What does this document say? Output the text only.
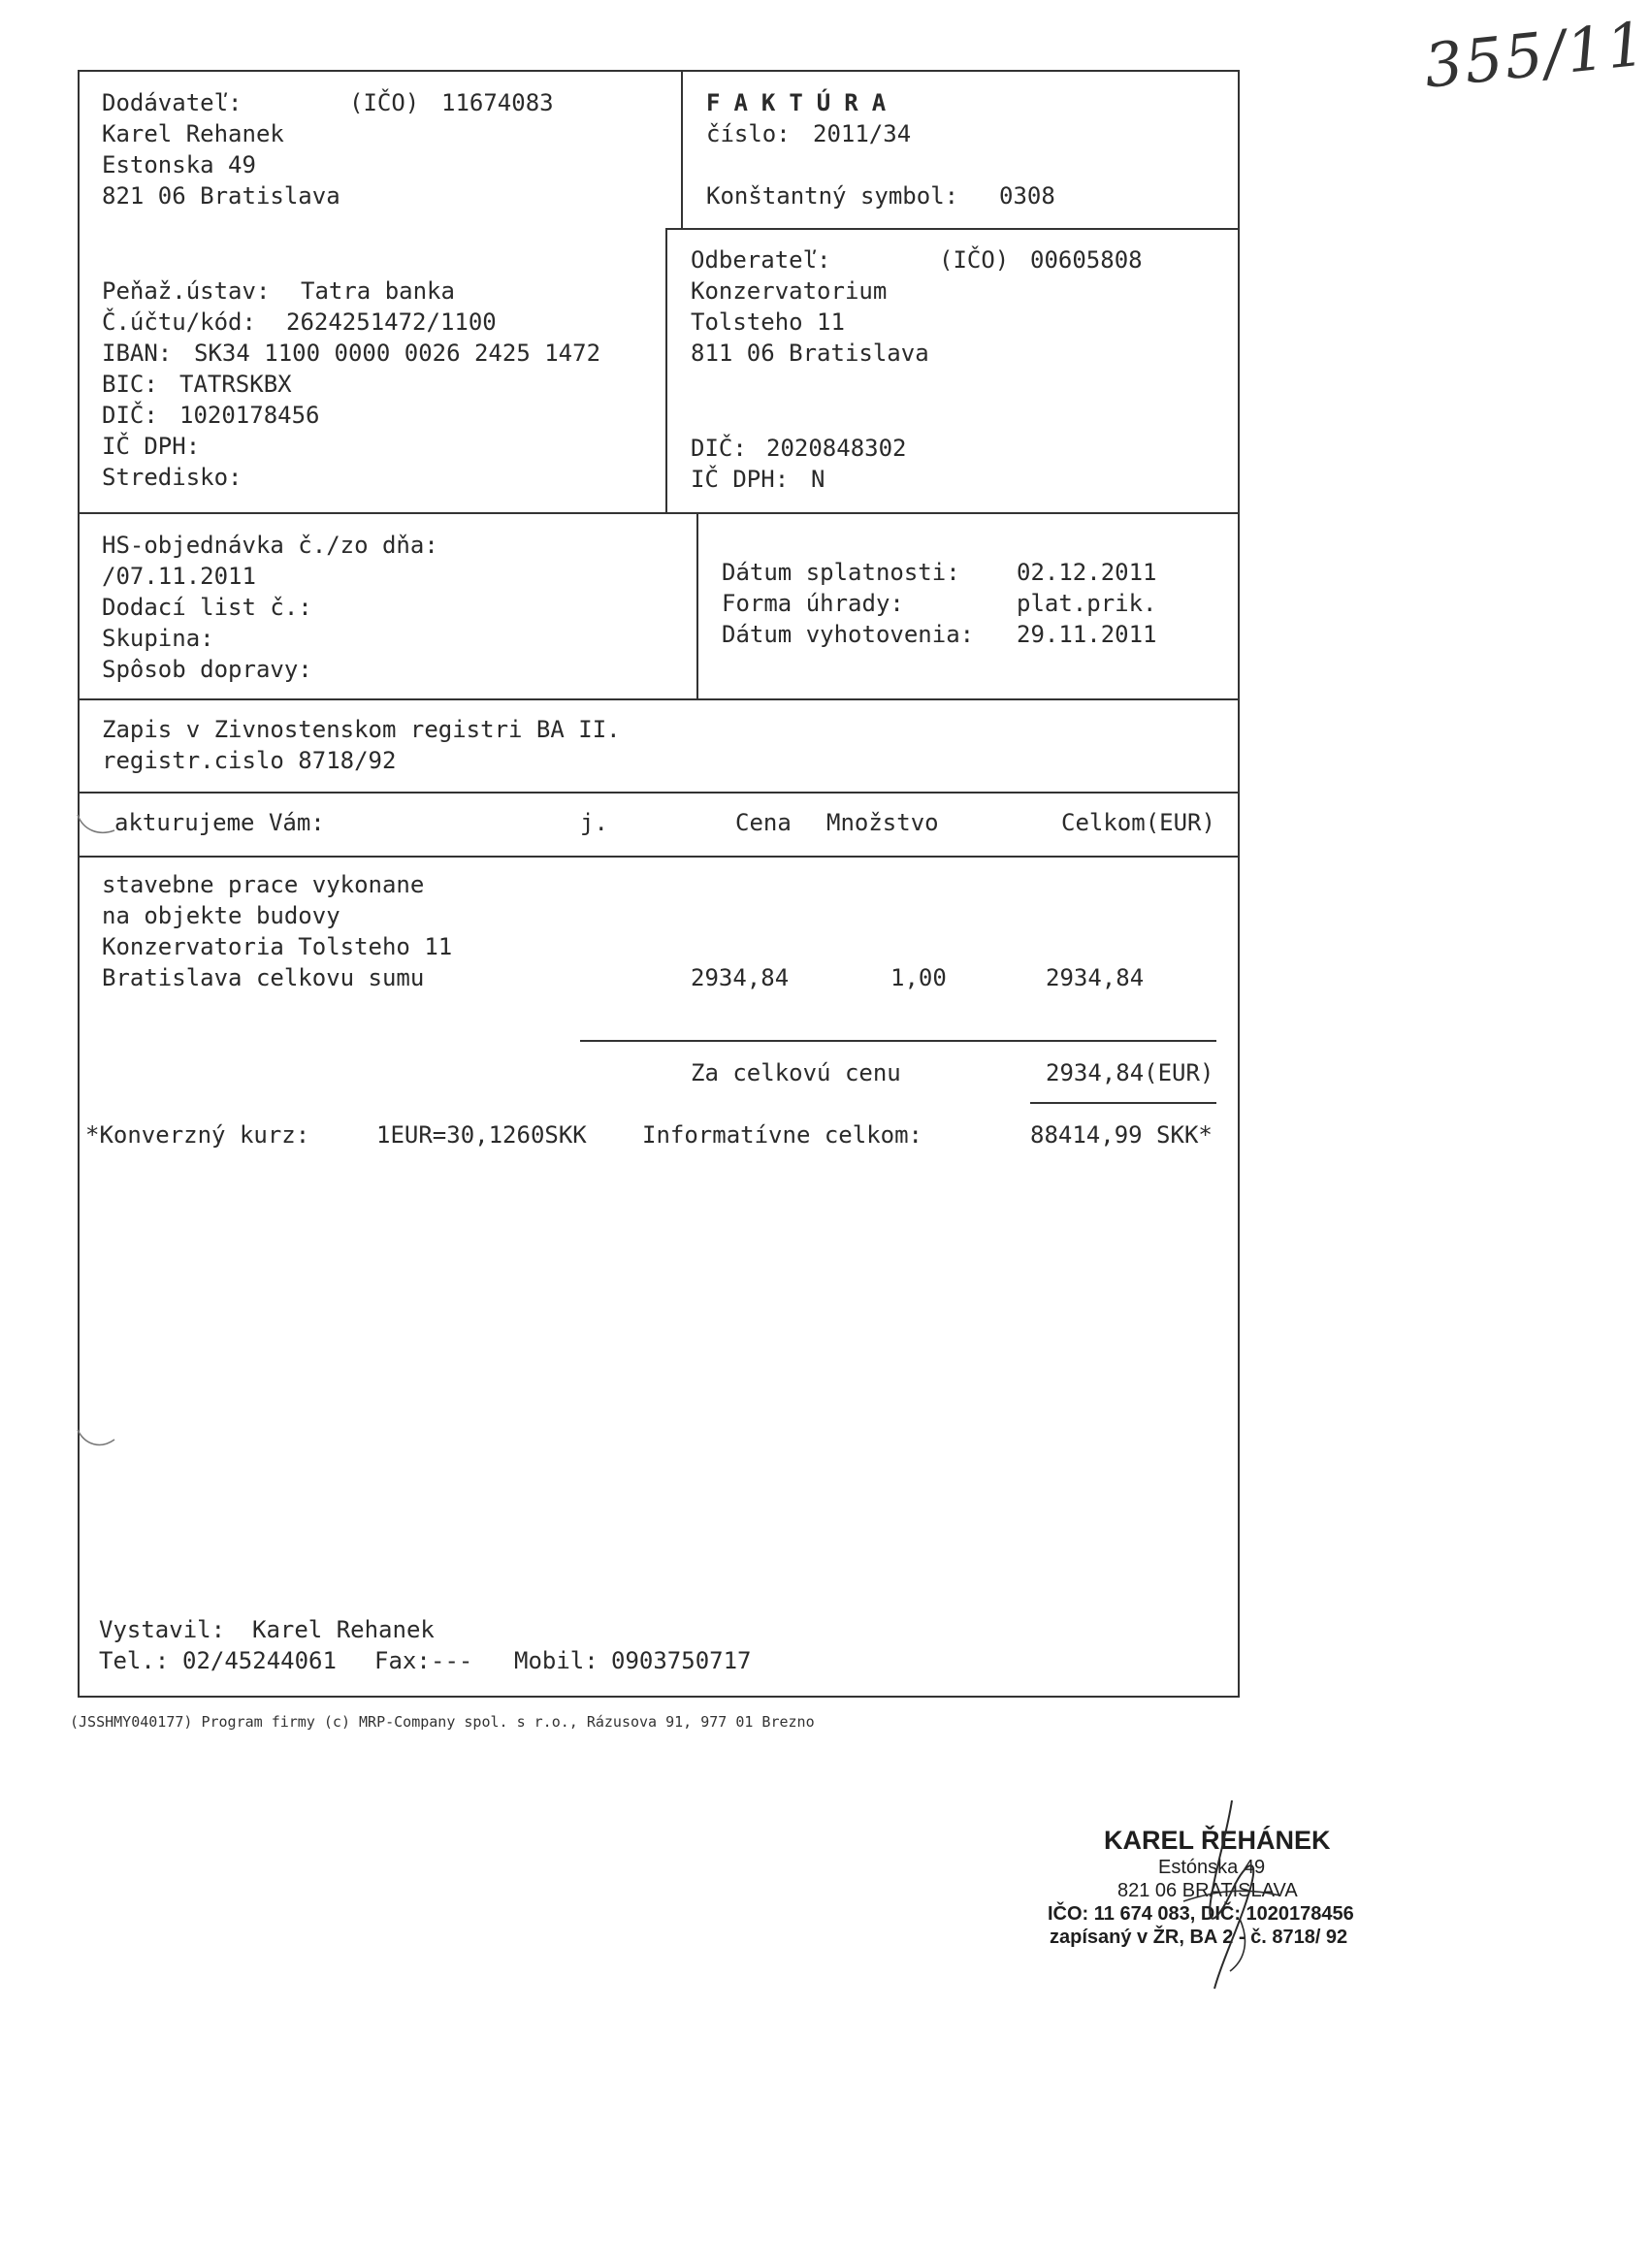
355/11
Dodávateľ:	(IČO) 11674083
Karel Rehanek
Estonska 49
821 06 Bratislava
FAKTÚRA
číslo: 2011/34
Konštantný symbol: 0308
Peňaž.ústav: Tatra banka
Č.účtu/kód: 2624251472/1100
IBAN: SK34 1100 0000 0026 2425 1472
BIC: TATRSKBX
DIČ: 1020178456
IČ DPH:
Stredisko:
Odberateľ:	(IČO) 00605808
Konzervatorium
Tolsteho 11
811 06 Bratislava
DIČ: 2020848302
IČ DPH: N
HS-objednávka č./zo dňa:
/07.11.2011
Dodací list č.:
Skupina:
Spôsob dopravy:
Dátum splatnosti: 02.12.2011
Forma úhrady:	plat.prik.
Dátum vyhotovenia: 29.11.2011
Zapis v Zivnostenskom registri BA II.
registr.cislo 8718/92
akturujeme Vám:	j.	Cena Množstvo	Celkom(EUR)
stavebne prace vykonane
na objekte budovy
Konzervatoria Tolsteho 11
Bratislava celkovu sumu	2934,84	1,00	2934,84
Za celkovú cenu	2934,84(EUR)
*Konverzný kurz:	1EUR=30,1260SKK Informatívne celkom:	88414,99 SKK*
Vystavil: Karel Rehanek
Tel.: 02/45244061 Fax: --- Mobil: 0903750717
(JSSHMY040177) Program firmy (c) MRP-Company spol. s r.o., Rázusova 91, 977 01 Brezno
KAREL ŘEHÁNEK
Estónska 49
821 06 BRATISLAVA
IČO: 11 674 083, DIČ: 1020178456
zapísaný v ŽR, BA 2 - č. 8718/ 92
